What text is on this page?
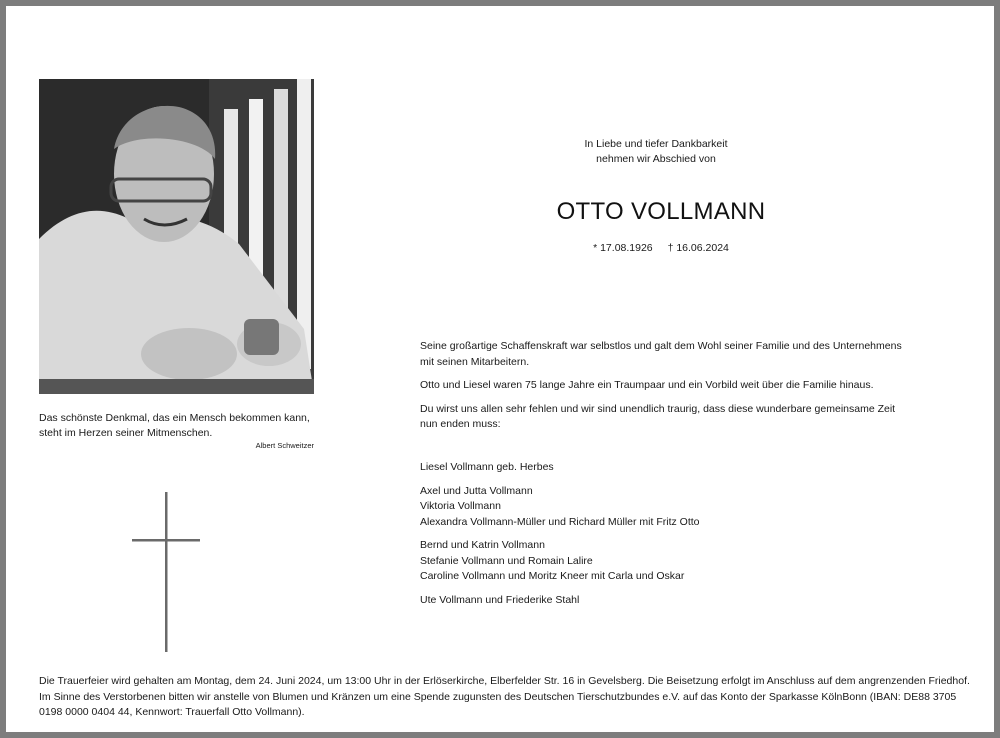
Das schönste Denkmal, das ein Mensch bekommen kann, steht im Herzen seiner Mitmenschen.
Albert Schweitzer
In Liebe und tiefer Dankbarkeit
nehmen wir Abschied von
OTTO VOLLMANN
* 17.08.1926 † 16.06.2024

Seine großartige Schaffenskraft war selbstlos und galt dem Wohl seiner Familie und des Unternehmens mit seinen Mitarbeitern.

Otto und Liesel waren 75 lange Jahre ein Traumpaar und ein Vorbild weit über die Familie hinaus.

Du wirst uns allen sehr fehlen und wir sind unendlich traurig, dass diese wunderbare gemeinsame Zeit nun enden muss:

Liesel Vollmann geb. Herbes
Axel und Jutta Vollmann
Viktoria Vollmann
Alexandra Vollmann-Müller und Richard Müller mit Fritz Otto
Bernd und Katrin Vollmann
Stefanie Vollmann und Romain Lalire
Caroline Vollmann und Moritz Kneer mit Carla und Oskar
Ute Vollmann und Friederike Stahl
Die Trauerfeier wird gehalten am Montag, dem 24. Juni 2024, um 13:00 Uhr in der Erlöserkirche, Elberfelder Str. 16 in Gevelsberg. Die Beisetzung erfolgt im Anschluss auf dem angrenzenden Friedhof. Im Sinne des Verstorbenen bitten wir anstelle von Blumen und Kränzen um eine Spende zugunsten des Deutschen Tierschutzbundes e.V. auf das Konto der Sparkasse KölnBonn (IBAN: DE88 3705 0198 0000 0404 44, Kennwort: Trauerfall Otto Vollmann).
